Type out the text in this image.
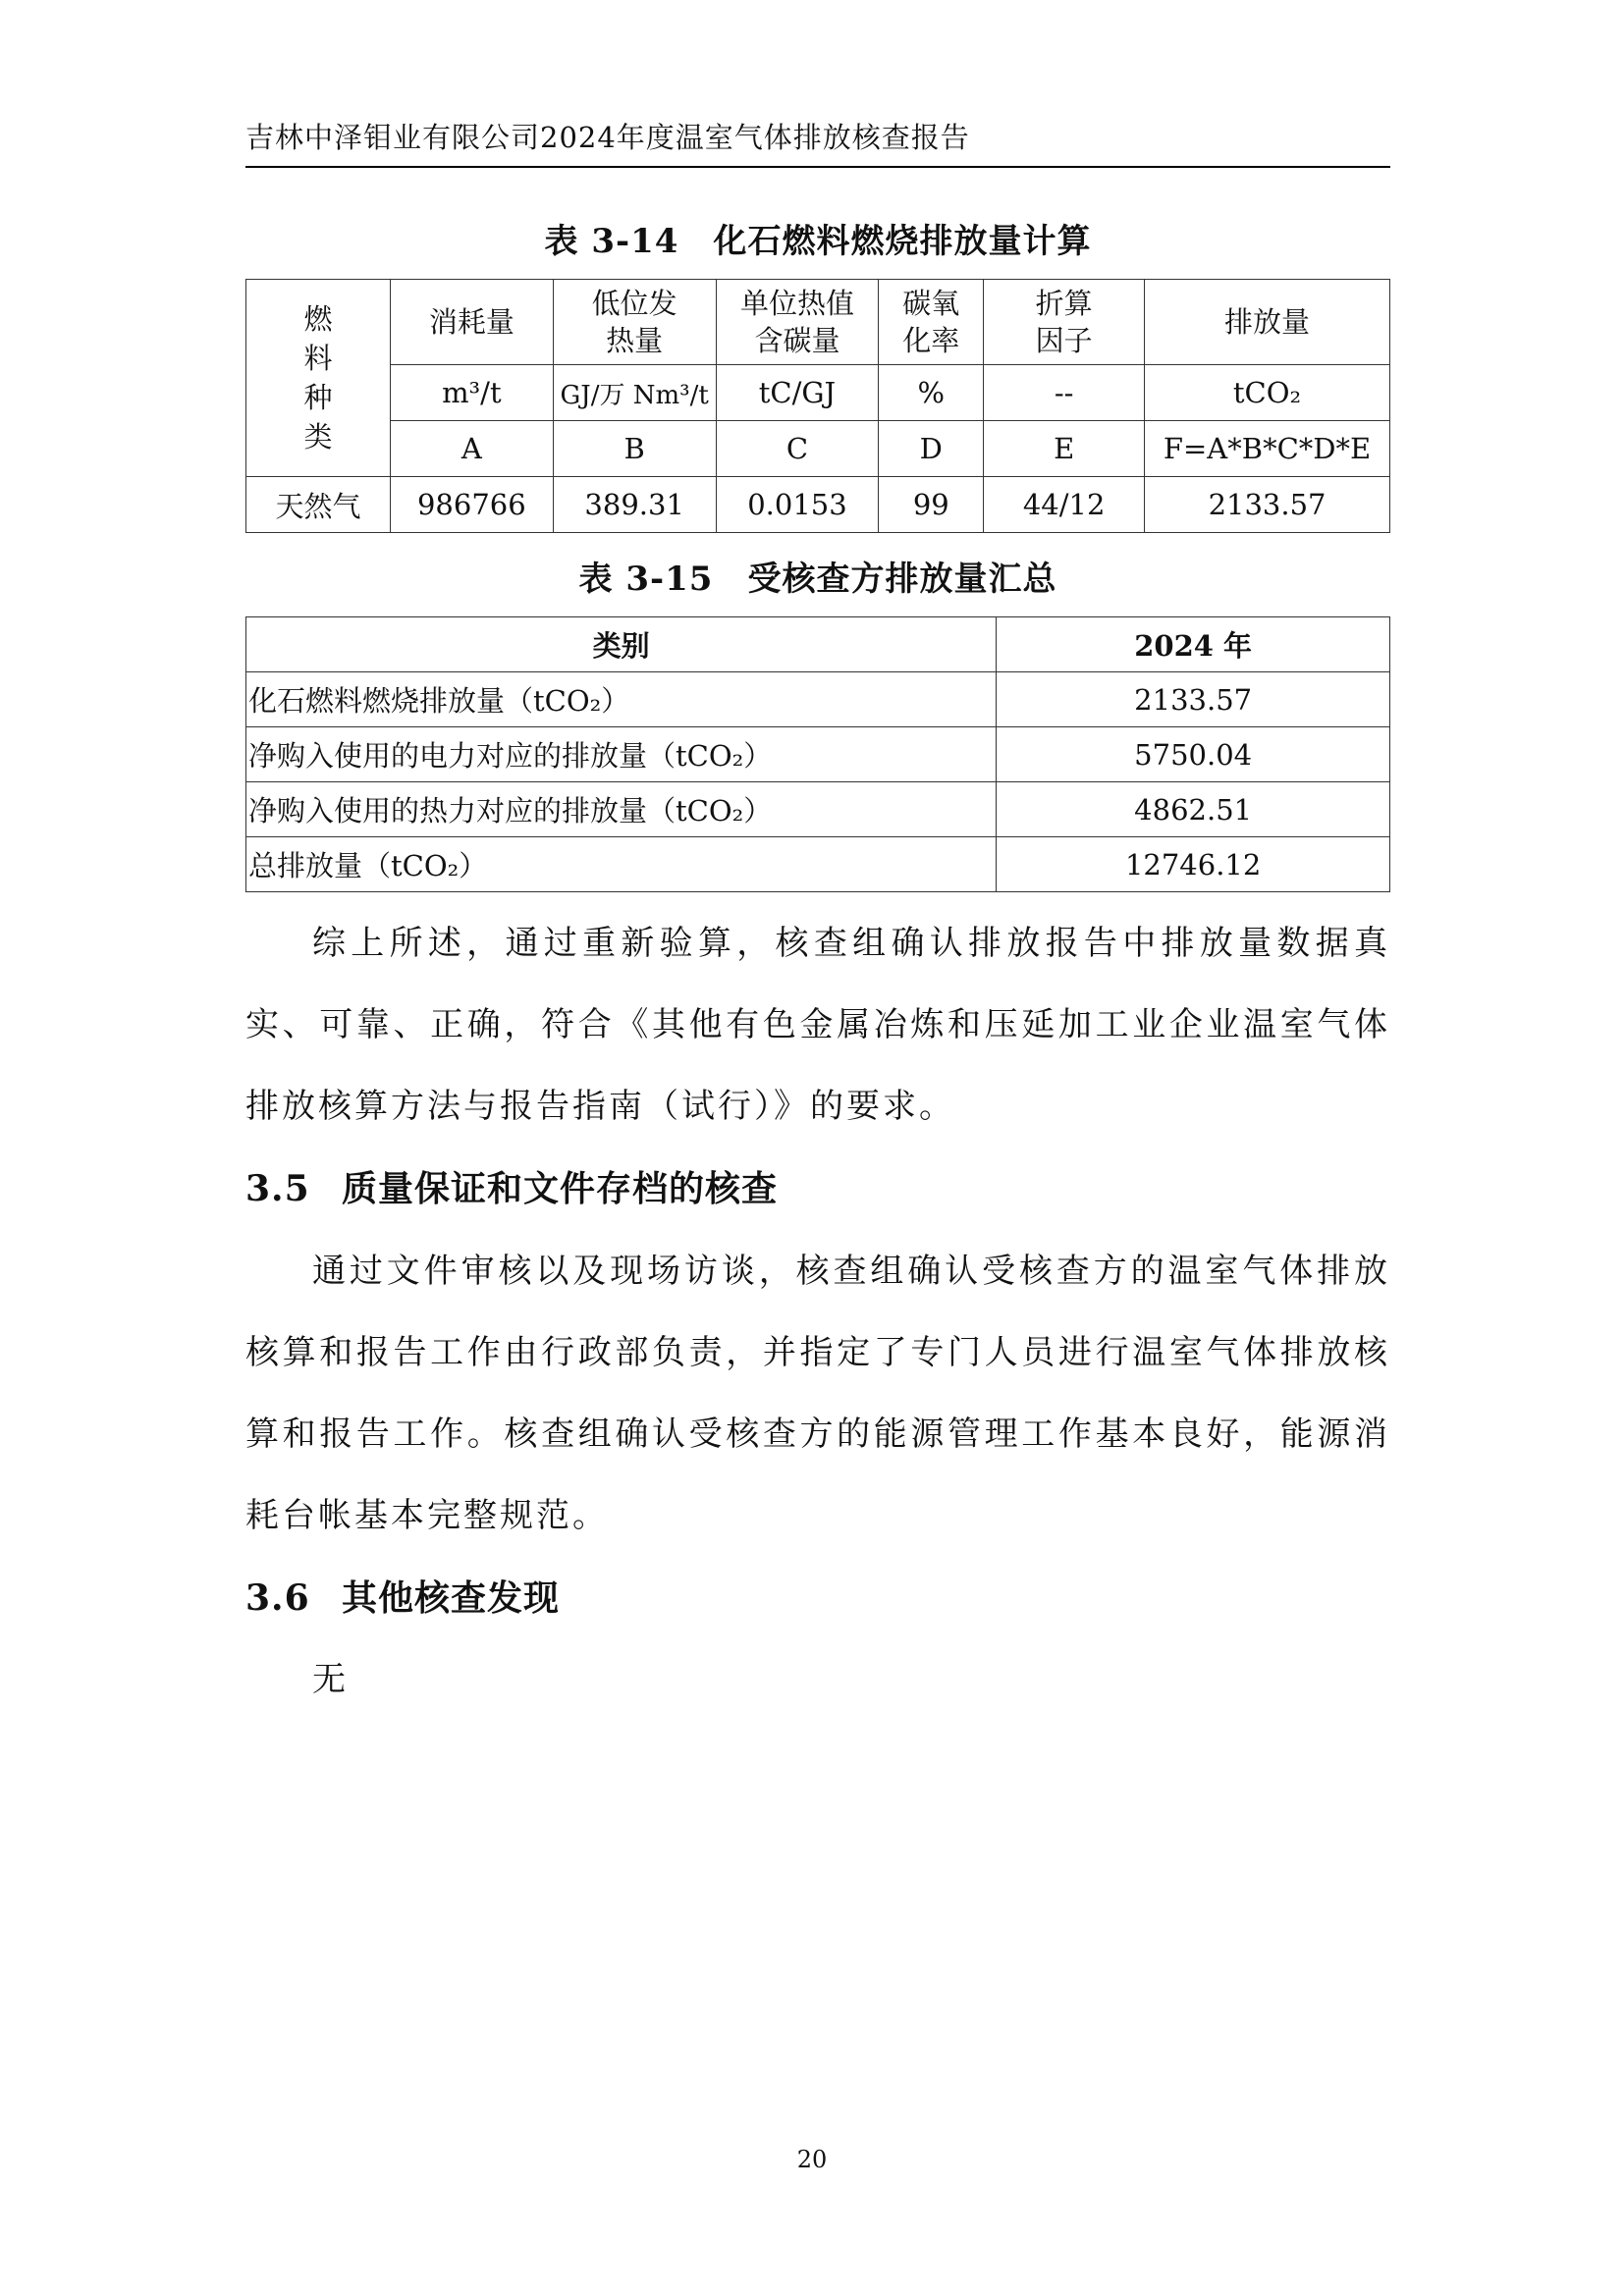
吉林中泽钼业有限公司2024年度温室气体排放核查报告
表 3-14　化石燃料燃烧排放量计算
燃料种类	消耗量	低位发热量	单位热值含碳量	碳氧化率	折算因子	排放量
	m³/t	GJ/万 Nm³/t	tC/GJ	%	--	tCO₂
	A	B	C	D	E	F=A*B*C*D*E
天然气	986766	389.31	0.0153	99	44/12	2133.57
表 3-15　受核查方排放量汇总
类别	2024 年
化石燃料燃烧排放量（tCO₂）	2133.57
净购入使用的电力对应的排放量（tCO₂）	5750.04
净购入使用的热力对应的排放量（tCO₂）	4862.51
总排放量（tCO₂）	12746.12

综上所述，通过重新验算，核查组确认排放报告中排放量数据真实、可靠、正确，符合《其他有色金属冶炼和压延加工业企业温室气体排放核算方法与报告指南（试行）》的要求。

3.5 质量保证和文件存档的核查

通过文件审核以及现场访谈，核查组确认受核查方的温室气体排放核算和报告工作由行政部负责，并指定了专门人员进行温室气体排放核算和报告工作。核查组确认受核查方的能源管理工作基本良好，能源消耗台帐基本完整规范。

3.6 其他核查发现

无

20
